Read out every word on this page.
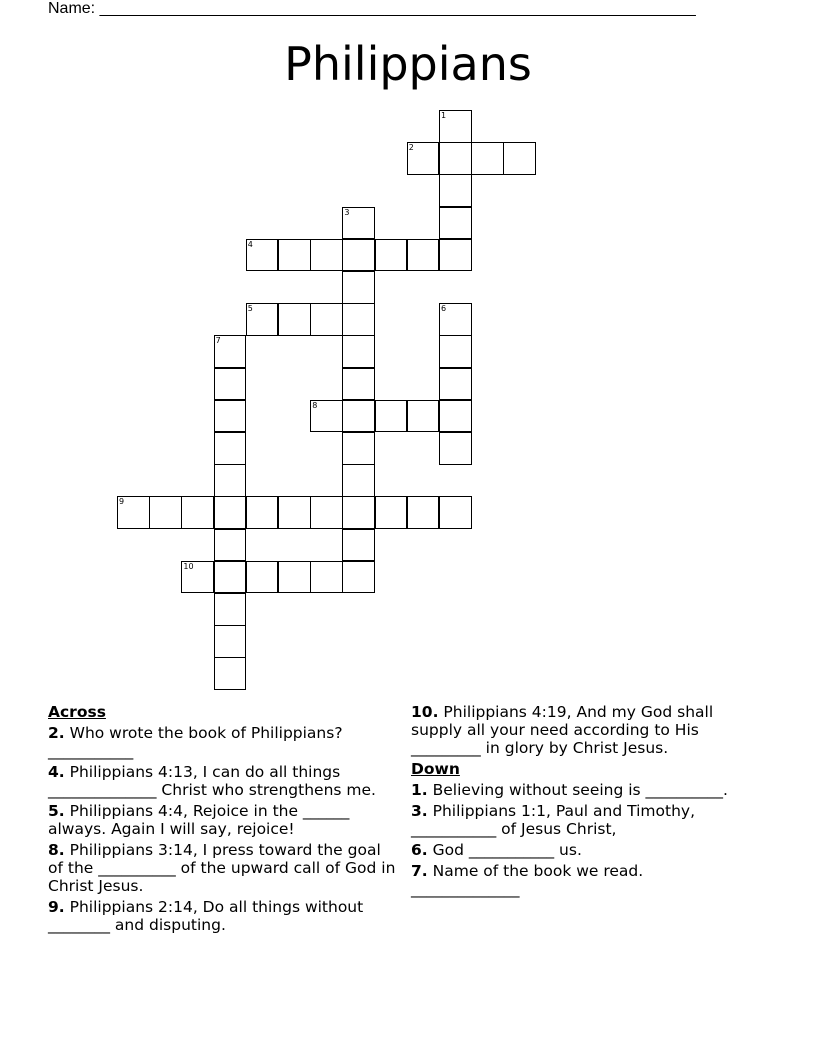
Name: ___________________________________________________________________
Philippians
1
2
3
4
5	6
7
8
9
10
Across
2. Who wrote the book of Philippians? ___________
4. Philippians 4:13, I can do all things ______________ Christ who strengthens me.
5. Philippians 4:4, Rejoice in the ______ always. Again I will say, rejoice!
8. Philippians 3:14, I press toward the goal of the __________ of the upward call of God in Christ Jesus.
9. Philippians 2:14, Do all things without ________ and disputing.
10. Philippians 4:19, And my God shall supply all your need according to His _________ in glory by Christ Jesus.
Down
1. Believing without seeing is __________.
3. Philippians 1:1, Paul and Timothy, ___________ of Jesus Christ,
6. God ___________ us.
7. Name of the book we read. ______________
